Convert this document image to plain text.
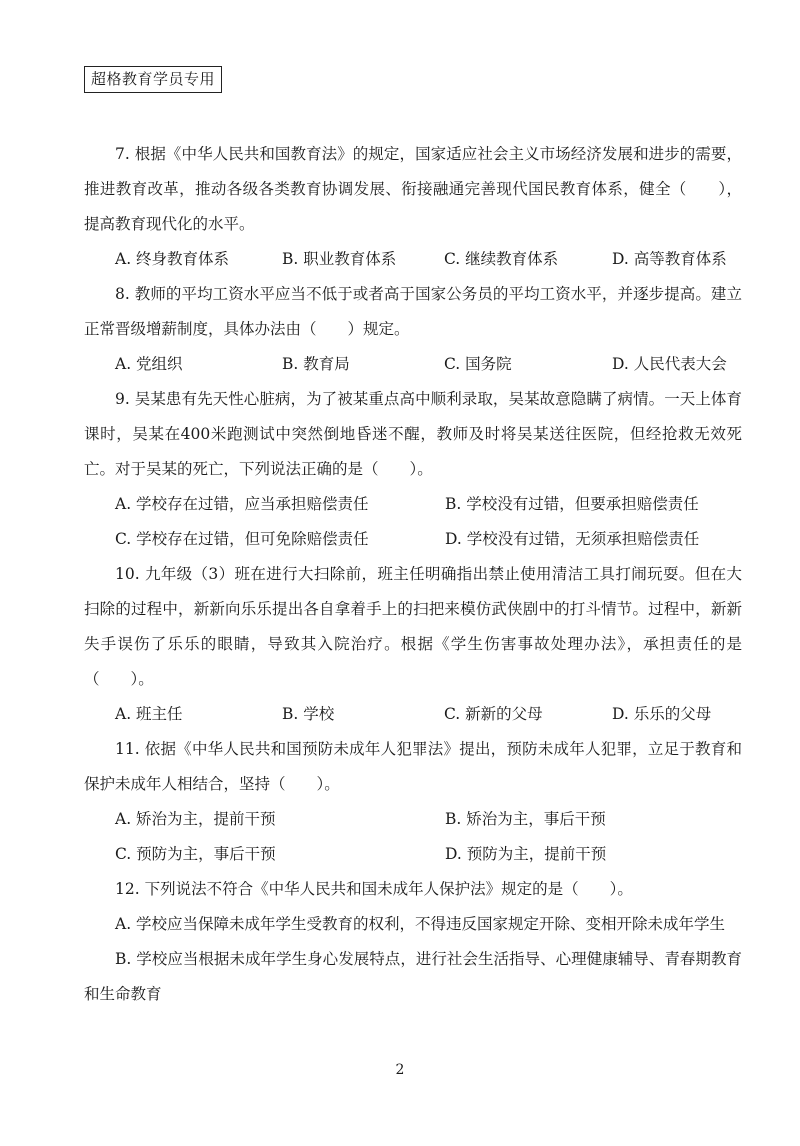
超格教育学员专用

7. 根据《中华人民共和国教育法》的规定，国家适应社会主义市场经济发展和进步的需要，推进教育改革，推动各级各类教育协调发展、衔接融通完善现代国民教育体系，健全（　　），提高教育现代化的水平。

A. 终身教育体系	B. 职业教育体系	C. 继续教育体系	D. 高等教育体系

8. 教师的平均工资水平应当不低于或者高于国家公务员的平均工资水平，并逐步提高。建立正常晋级增薪制度，具体办法由（　　）规定。

A. 党组织	B. 教育局	C. 国务院	D. 人民代表大会

9. 吴某患有先天性心脏病，为了被某重点高中顺利录取，吴某故意隐瞒了病情。一天上体育课时，吴某在400米跑测试中突然倒地昏迷不醒，教师及时将吴某送往医院，但经抢救无效死亡。对于吴某的死亡，下列说法正确的是（　　）。

A. 学校存在过错，应当承担赔偿责任	B. 学校没有过错，但要承担赔偿责任
C. 学校存在过错，但可免除赔偿责任	D. 学校没有过错，无须承担赔偿责任

10. 九年级（3）班在进行大扫除前，班主任明确指出禁止使用清洁工具打闹玩耍。但在大扫除的过程中，新新向乐乐提出各自拿着手上的扫把来模仿武侠剧中的打斗情节。过程中，新新失手误伤了乐乐的眼睛，导致其入院治疗。根据《学生伤害事故处理办法》，承担责任的是（　　）。

A. 班主任	B. 学校	C. 新新的父母	D. 乐乐的父母

11. 依据《中华人民共和国预防未成年人犯罪法》提出，预防未成年人犯罪，立足于教育和保护未成年人相结合，坚持（　　）。

A. 矫治为主，提前干预	B. 矫治为主，事后干预
C. 预防为主，事后干预	D. 预防为主，提前干预

12. 下列说法不符合《中华人民共和国未成年人保护法》规定的是（　　）。

A. 学校应当保障未成年学生受教育的权利，不得违反国家规定开除、变相开除未成年学生

B. 学校应当根据未成年学生身心发展特点，进行社会生活指导、心理健康辅导、青春期教育和生命教育

2
